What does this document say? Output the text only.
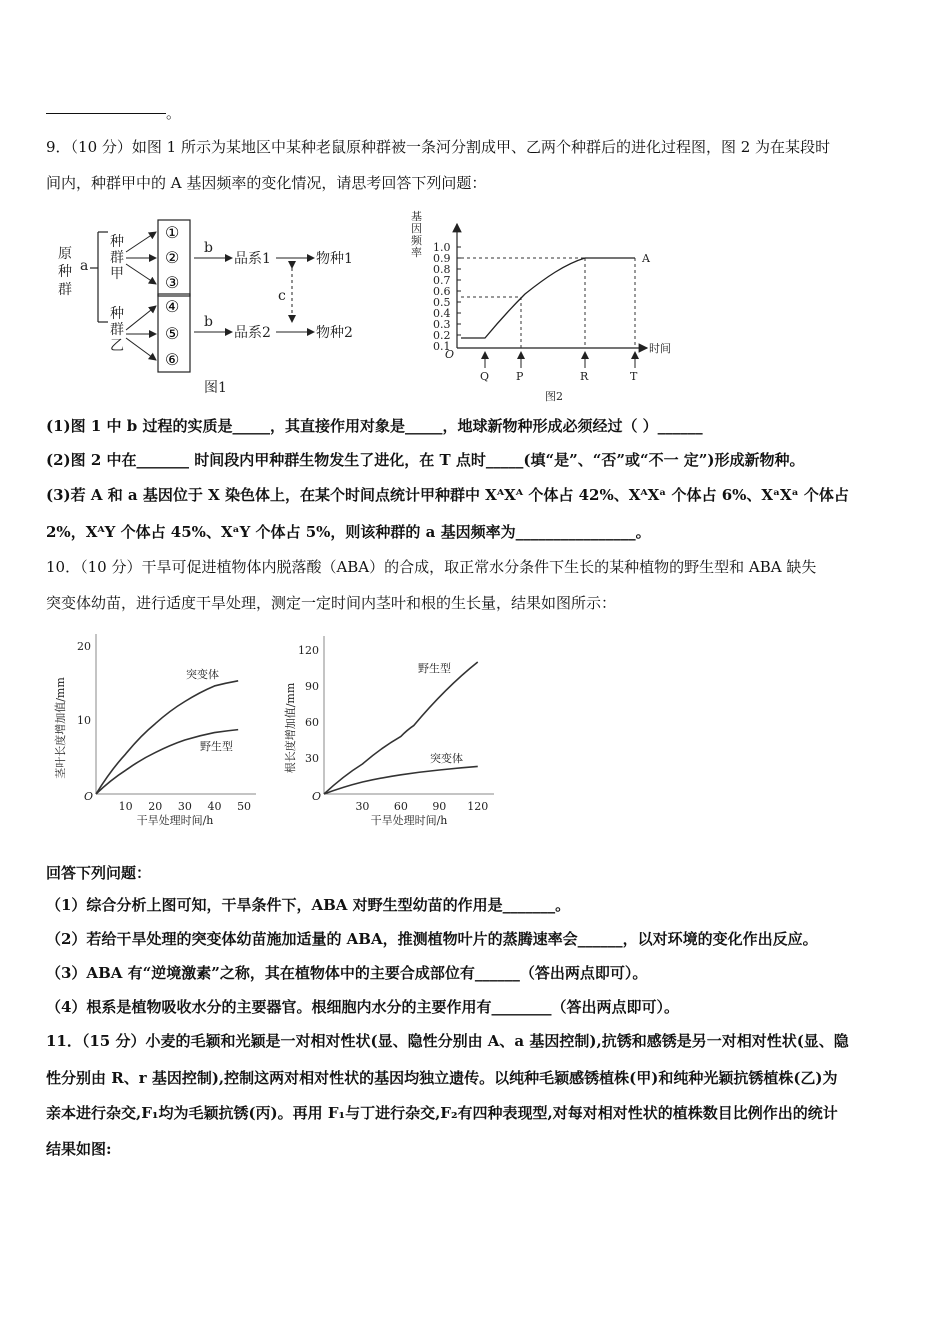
。
9．（10 分）如图 1 所示为某地区中某种老鼠原种群被一条河分割成甲、乙两个种群后的进化过程图，图 2 为在某段时
间内，种群甲中的 A 基因频率的变化情况，请思考回答下列问题：
原
种
群
a
种
群
甲
种
群
乙
①
②
③
④
⑤
⑥
b
品系1	物种1
b
品系2	物种2
c
图1
基
因
频
率 1.0
0.9
0.8
0.7
0.6
0.5
0.4
0.3
0.2
0.1
A
O	时间
Q P	R	T
图2
(1)图 1 中 b 过程的实质是_____，其直接作用对象是_____，地球新物种形成必须经过（ ）______
(2)图 2 中在_______ 时间段内甲种群生物发生了进化，在 T 点时_____(填“是”、“否”或“不一 定”)形成新物种。
(3)若 A 和 a 基因位于 X 染色体上，在某个时间点统计甲种群中 XᴬXᴬ 个体占 42%、XᴬXᵃ 个体占 6%、XᵃXᵃ 个体占
2%，XᴬY 个体占 45%、XᵃY 个体占 5%，则该种群的 a 基因频率为________________。
10．（10 分）干旱可促进植物体内脱落酸（ABA）的合成，取正常水分条件下生长的某种植物的野生型和 ABA 缺失
突变体幼苗，进行适度干旱处理，测定一定时间内茎叶和根的生长量，结果如图所示：
茎叶长度增加值/mm
O
10
20
10 20 30 40 50
突变体
野生型
干旱处理时间/h
根长度增加值/mm
O
30
60
90
120
30 60 90 120
野生型
突变体
干旱处理时间/h
回答下列问题：
（1）综合分析上图可知，干旱条件下，ABA 对野生型幼苗的作用是_______。
（2）若给干旱处理的突变体幼苗施加适量的 ABA，推测植物叶片的蒸腾速率会______，以对环境的变化作出反应。
（3）ABA 有“逆境激素”之称，其在植物体中的主要合成部位有______（答出两点即可）。
（4）根系是植物吸收水分的主要器官。根细胞内水分的主要作用有________（答出两点即可）。
11．（15 分）小麦的毛颖和光颖是一对相对性状(显、隐性分别由 A、a 基因控制),抗锈和感锈是另一对相对性状(显、隐
性分别由 R、r 基因控制),控制这两对相对性状的基因均独立遗传。以纯种毛颖感锈植株(甲)和纯种光颖抗锈植株(乙)为
亲本进行杂交,F₁均为毛颖抗锈(丙)。再用 F₁与丁进行杂交,F₂有四种表现型,对每对相对性状的植株数目比例作出的统计
结果如图:
